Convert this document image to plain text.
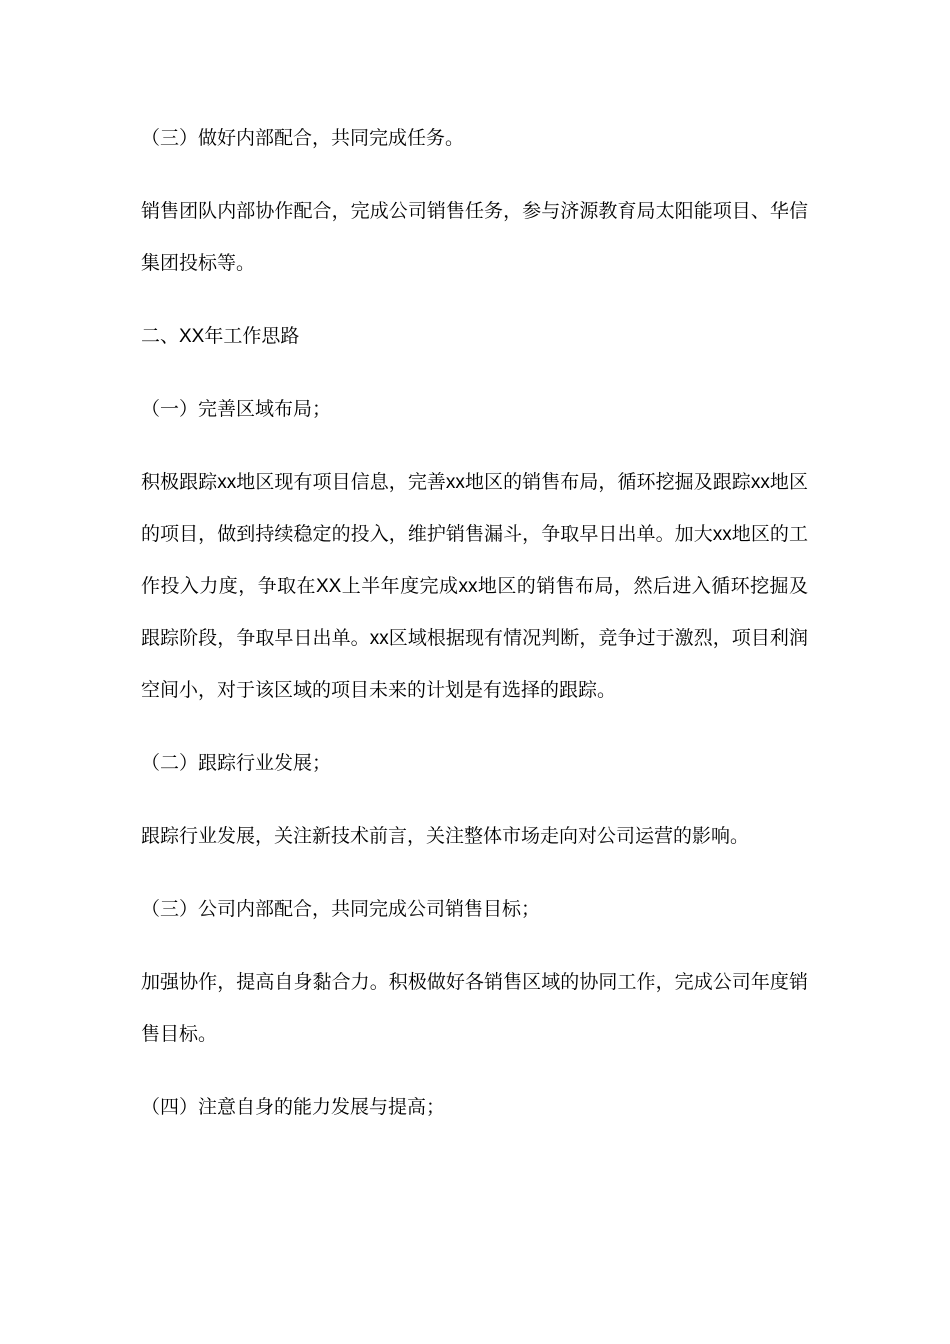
（三）做好内部配合，共同完成任务。

销售团队内部协作配合，完成公司销售任务，参与济源教育局太阳能项目、华信集团投标等。

二、XX年工作思路

（一）完善区域布局；

积极跟踪xx地区现有项目信息，完善xx地区的销售布局，循环挖掘及跟踪xx地区的项目，做到持续稳定的投入，维护销售漏斗，争取早日出单。加大xx地区的工作投入力度，争取在XX上半年度完成xx地区的销售布局，然后进入循环挖掘及跟踪阶段，争取早日出单。xx区域根据现有情况判断，竞争过于激烈，项目利润空间小，对于该区域的项目未来的计划是有选择的跟踪。

（二）跟踪行业发展；

跟踪行业发展，关注新技术前言，关注整体市场走向对公司运营的影响。

（三）公司内部配合，共同完成公司销售目标；

加强协作，提高自身黏合力。积极做好各销售区域的协同工作，完成公司年度销售目标。

（四）注意自身的能力发展与提高；
